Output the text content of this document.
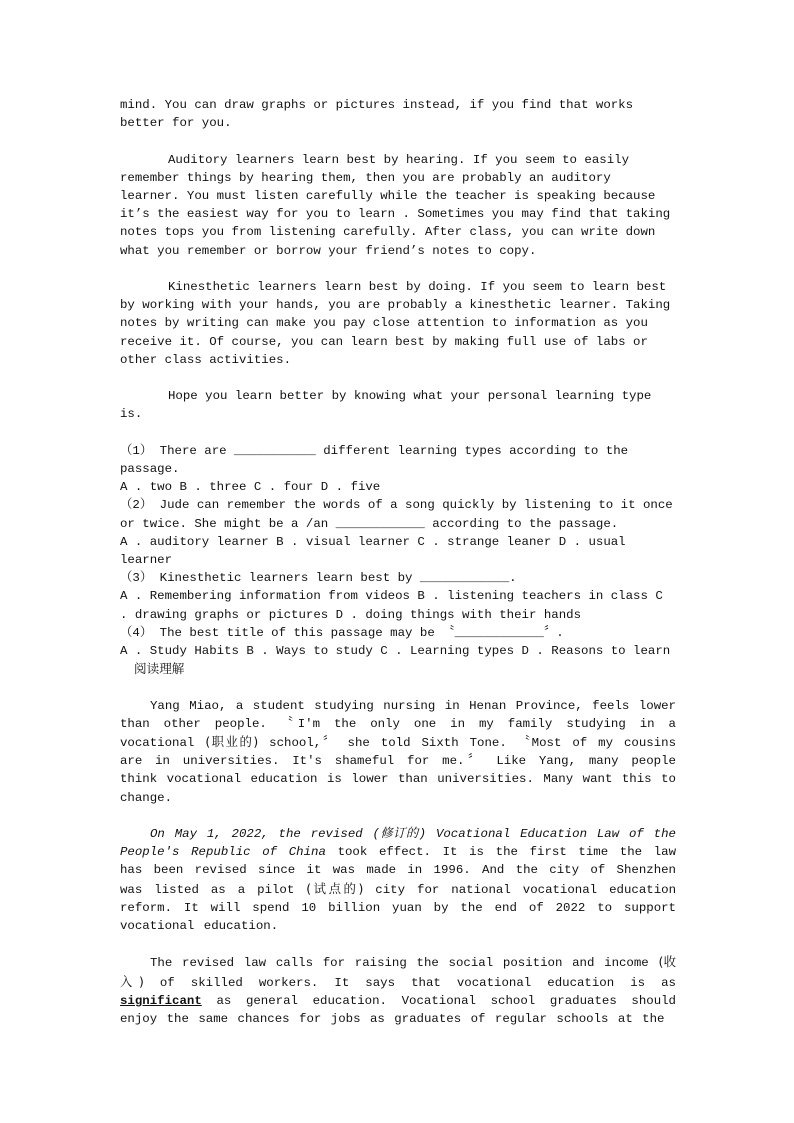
mind. You can draw graphs or pictures instead, if you find that works better for you.

Auditory learners learn best by hearing. If you seem to easily remember things by hearing them, then you are probably an auditory learner. You must listen carefully while the teacher is speaking because it’s the easiest way for you to learn . Sometimes you may find that taking notes tops you from listening carefully. After class, you can write down what you remember or borrow your friend’s notes to copy.

Kinesthetic learners learn best by doing. If you seem to learn best by working with your hands, you are probably a kinesthetic learner. Taking notes by writing can make you pay close attention to information as you receive it. Of course, you can learn best by making full use of labs or other class activities.

Hope you learn better by knowing what your personal learning type is.

（1） There are ___________ different learning types according to the passage.

A . two B . three C . four D . five

（2） Jude can remember the words of a song quickly by listening to it once or twice. She might be a /an ____________ according to the passage.

A . auditory learner B . visual learner C . strange leaner D . usual learner

（3） Kinesthetic learners learn best by ____________.

A . Remembering information from videos B . listening teachers in class C . drawing graphs or pictures D . doing things with their hands

（4） The best title of this passage may be 〝____________〞.

A . Study Habits B . Ways to study C . Learning types D . Reasons to learn

阅读理解

Yang Miao, a student studying nursing in Henan Province, feels lower than other people. 〝I'm the only one in my family studying in a vocational (职业的) school,〞 she told Sixth Tone. 〝Most of my cousins are in universities. It's shameful for me.〞 Like Yang, many people think vocational education is lower than universities. Many want this to change.

On May 1, 2022, the revised (修订的) Vocational Education Law of the People's Republic of China took effect. It is the first time the law has been revised since it was made in 1996. And the city of Shenzhen was listed as a pilot (试点的) city for national vocational education reform. It will spend 10 billion yuan by the end of 2022 to support vocational education.

The revised law calls for raising the social position and income (收入) of skilled workers. It says that vocational education is as significant as general education. Vocational school graduates should enjoy the same chances for jobs as graduates of regular schools at the
